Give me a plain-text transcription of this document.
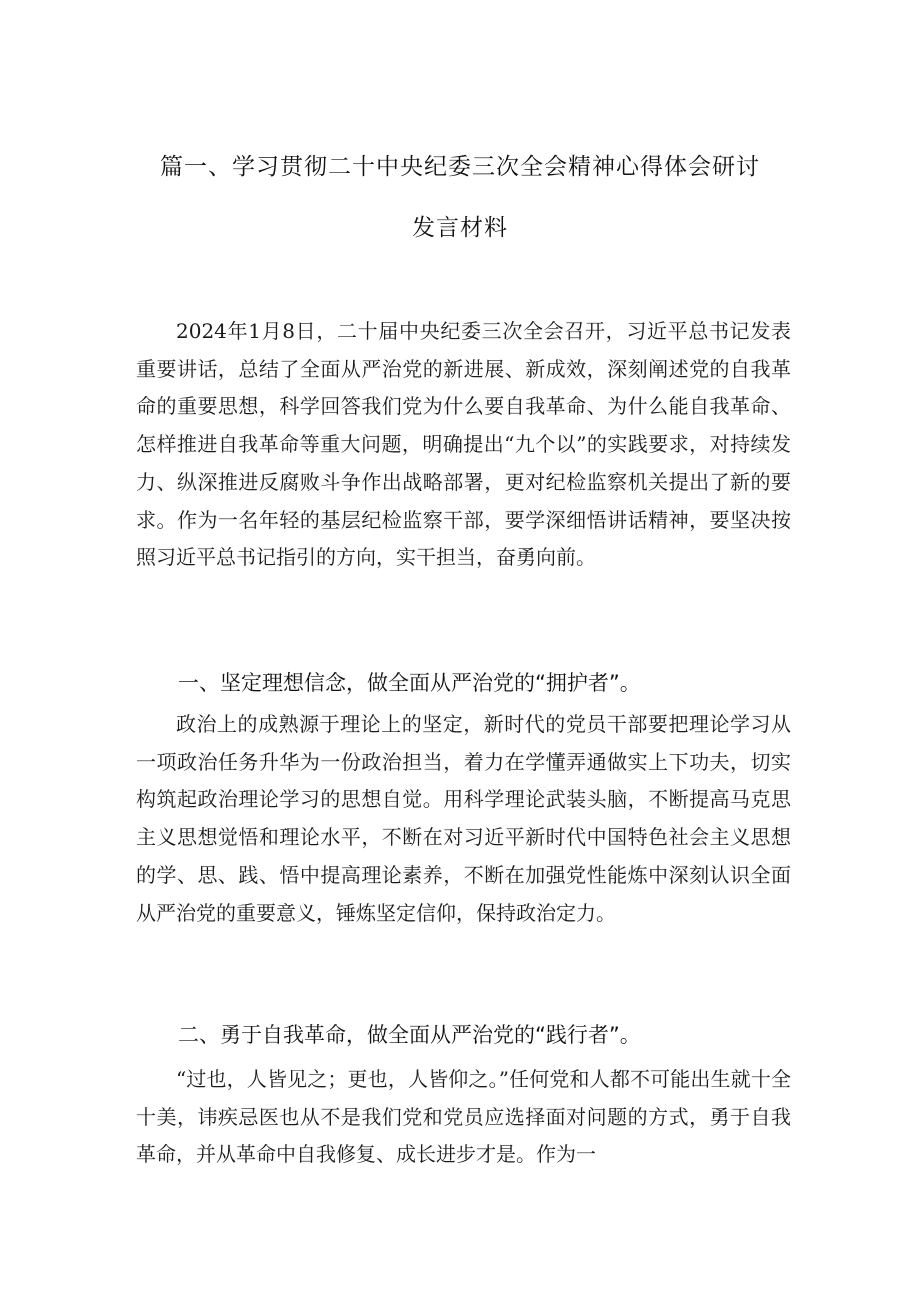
篇一、学习贯彻二十中央纪委三次全会精神心得体会研讨
发言材料

2024年1月8日，二十届中央纪委三次全会召开，习近平总书记发表重要讲话，总结了全面从严治党的新进展、新成效，深刻阐述党的自我革命的重要思想，科学回答我们党为什么要自我革命、为什么能自我革命、怎样推进自我革命等重大问题，明确提出“九个以”的实践要求，对持续发力、纵深推进反腐败斗争作出战略部署，更对纪检监察机关提出了新的要求。作为一名年轻的基层纪检监察干部，要学深细悟讲话精神，要坚决按照习近平总书记指引的方向，实干担当，奋勇向前。

一、坚定理想信念，做全面从严治党的“拥护者”。

政治上的成熟源于理论上的坚定，新时代的党员干部要把理论学习从一项政治任务升华为一份政治担当，着力在学懂弄通做实上下功夫，切实构筑起政治理论学习的思想自觉。用科学理论武装头脑，不断提高马克思主义思想觉悟和理论水平，不断在对习近平新时代中国特色社会主义思想的学、思、践、悟中提高理论素养，不断在加强党性能炼中深刻认识全面从严治党的重要意义，锤炼坚定信仰，保持政治定力。

二、勇于自我革命，做全面从严治党的“践行者”。

“过也，人皆见之；更也，人皆仰之。”任何党和人都不可能出生就十全十美，讳疾忌医也从不是我们党和党员应选择面对问题的方式，勇于自我革命，并从革命中自我修复、成长进步才是。作为一
